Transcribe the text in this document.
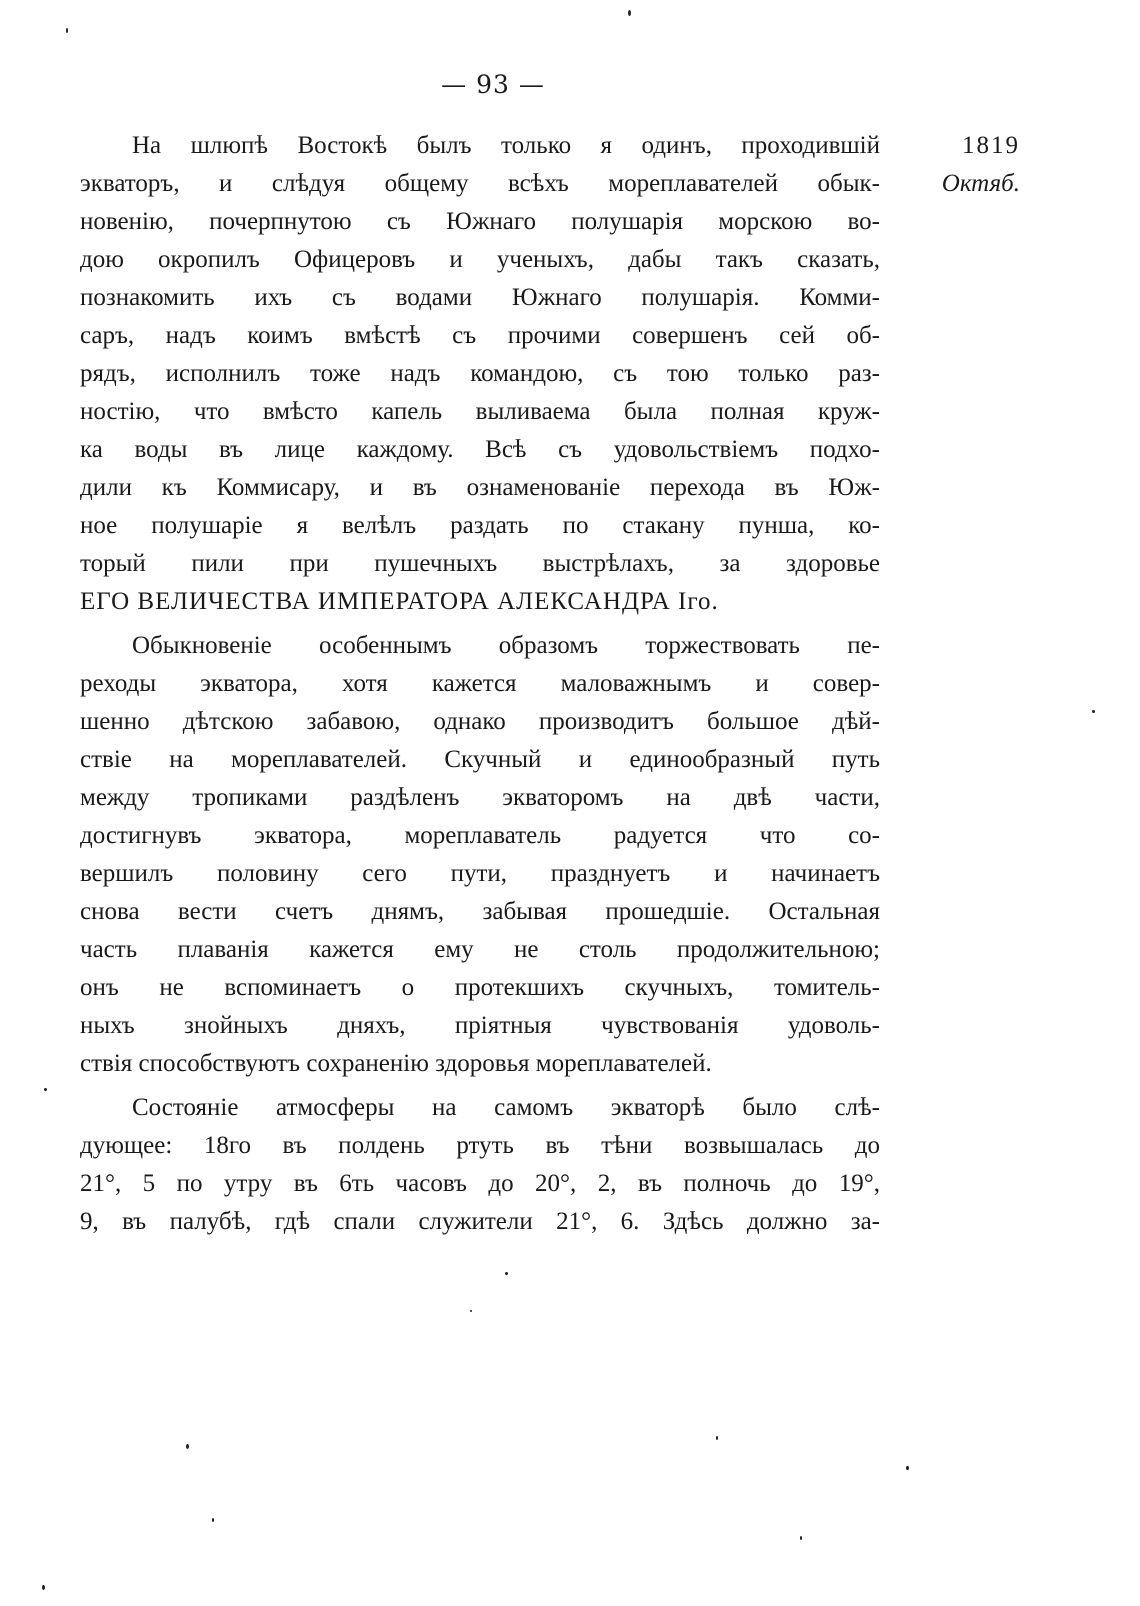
— 93 —
1819
Октяб.
На шлюпѣ Востокѣ былъ только я одинъ, проходившій
экваторъ, и слѣдуя общему всѣхъ мореплавателей обык-
новенію, почерпнутою съ Южнаго полушарія морскою во-
дою окропилъ Офицеровъ и ученыхъ, дабы такъ сказать,
познакомить ихъ съ водами Южнаго полушарія. Комми-
саръ, надъ коимъ вмѣстѣ съ прочими совершенъ сей об-
рядъ, исполнилъ тоже надъ командою, съ тою только раз-
ностію, что вмѣсто капель выливаема была полная круж-
ка воды въ лице каждому. Всѣ съ удовольствіемъ подхо-
дили къ Коммисару, и въ ознаменованіе перехода въ Юж-
ное полушаріе я велѣлъ раздать по стакану пунша, ко-
торый пили при пушечныхъ выстрѣлахъ, за здоровье
ЕГО ВЕЛИЧЕСТВА ИМПЕРАТОРА АЛЕКСАНДРА Iго.
Обыкновеніе особеннымъ образомъ торжествовать пе-
реходы экватора, хотя кажется маловажнымъ и совер-
шенно дѣтскою забавою, однако производитъ большое дѣй-
ствіе на мореплавателей. Скучный и единообразный путь
между тропиками раздѣленъ экваторомъ на двѣ части,
достигнувъ экватора, мореплаватель радуется что со-
вершилъ половину сего пути, празднуетъ и начинаетъ
снова вести счетъ днямъ, забывая прошедшіе. Остальная
часть плаванія кажется ему не столь продолжительною;
онъ не вспоминаетъ о протекшихъ скучныхъ, томитель-
ныхъ знойныхъ дняхъ, пріятныя чувствованія удоволь-
ствія способствуютъ сохраненію здоровья мореплавателей.
Состояніе атмосферы на самомъ экваторѣ было слѣ-
дующее: 18го въ полдень ртуть въ тѣни возвышалась до
21°, 5 по утру въ 6ть часовъ до 20°, 2, въ полночь до 19°,
9, въ палубѣ, гдѣ спали служители 21°, 6. Здѣсь должно за-
